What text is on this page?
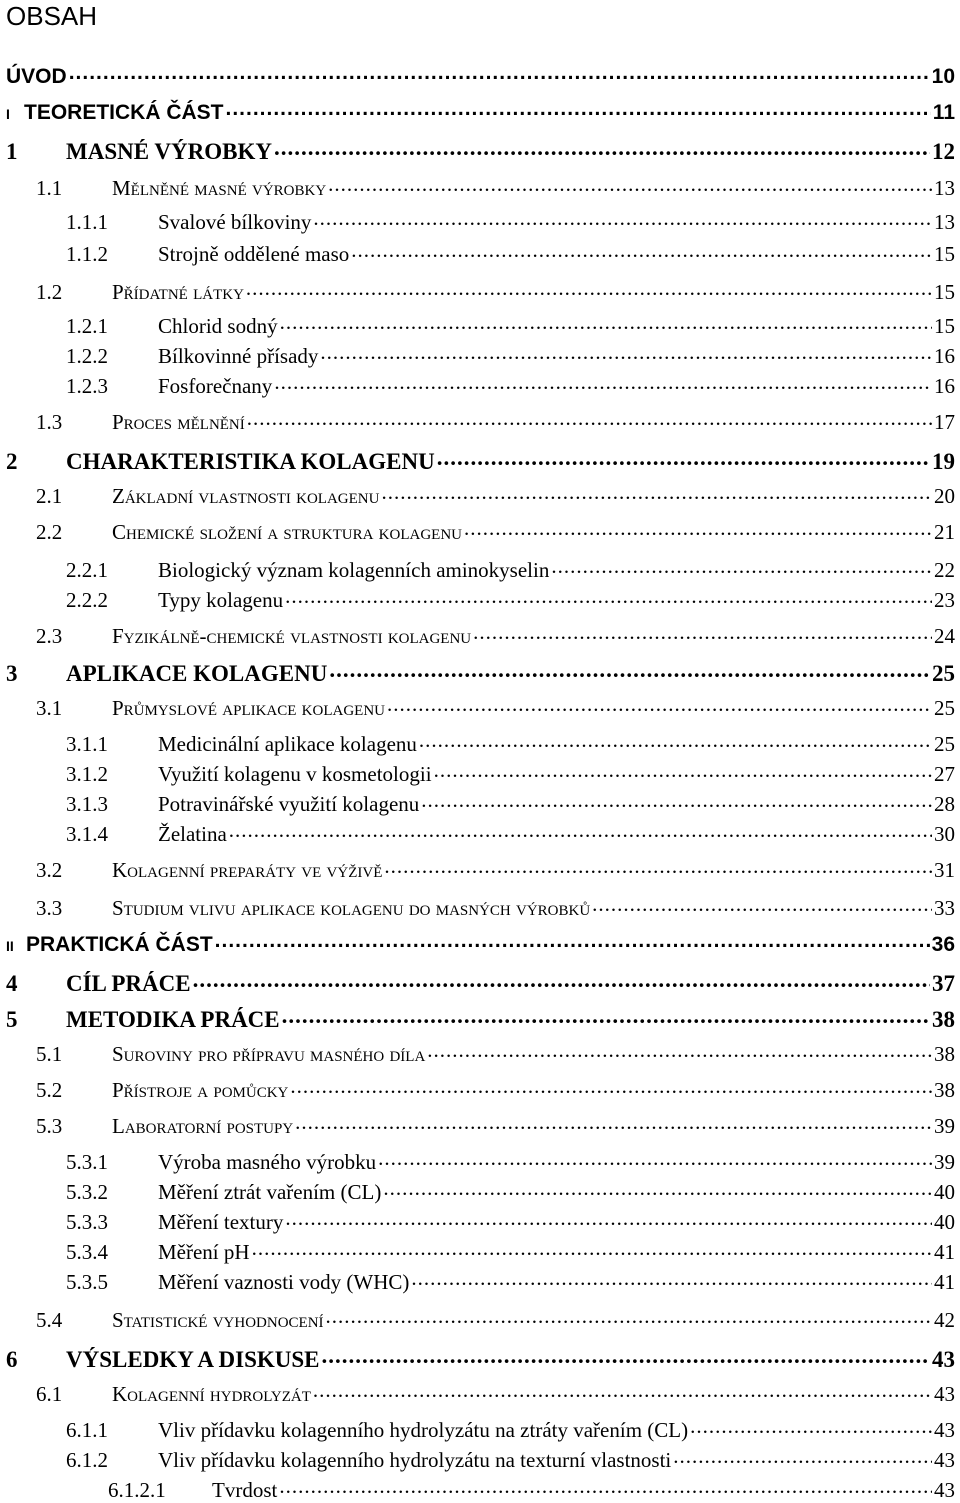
OBSAH
ÚVOD .....	10
I TEORETICKÁ ČÁST .....	11
1	MASNÉ VÝROBKY .....	12
1.1	Mělněné masné výrobky .....	13
1.1.1	Svalové bílkoviny .....	13
1.1.2	Strojně oddělené maso .....	15
1.2	Přídatné látky .....	15
1.2.1	Chlorid sodný .....	15
1.2.2	Bílkovinné přísady .....	16
1.2.3	Fosforečnany .....	16
1.3	Proces mělnění .....	17
2	CHARAKTERISTIKA KOLAGENU .....	19
2.1	Základní vlastnosti kolagenu .....	20
2.2	Chemické složení a struktura kolagenu .....	21
2.2.1	Biologický význam kolagenních aminokyselin .....	22
2.2.2	Typy kolagenu .....	23
2.3	Fyzikálně-chemické vlastnosti kolagenu .....	24
3	APLIKACE KOLAGENU .....	25
3.1	Průmyslové aplikace kolagenu .....	25
3.1.1	Medicinální aplikace kolagenu .....	25
3.1.2	Využití kolagenu v kosmetologii .....	27
3.1.3	Potravinářské využití kolagenu .....	28
3.1.4	Želatina .....	30
3.2	Kolagenní preparáty ve výživě .....	31
3.3	Studium vlivu aplikace kolagenu do masných výrobků .....	33
II PRAKTICKÁ ČÁST .....	36
4	CÍL PRÁCE .....	37
5	METODIKA PRÁCE .....	38
5.1	Suroviny pro přípravu masného díla .....	38
5.2	Přístroje a pomůcky .....	38
5.3	Laboratorní postupy .....	39
5.3.1	Výroba masného výrobku .....	39
5.3.2	Měření ztrát vařením (CL) .....	40
5.3.3	Měření textury .....	40
5.3.4	Měření pH .....	41
5.3.5	Měření vaznosti vody (WHC) .....	41
5.4	Statistické vyhodnocení .....	42
6	VÝSLEDKY A DISKUSE .....	43
6.1	Kolagenní hydrolyzát .....	43
6.1.1	Vliv přídavku kolagenního hydrolyzátu na ztráty vařením (CL) .....	43
6.1.2	Vliv přídavku kolagenního hydrolyzátu na texturní vlastnosti .....	43
6.1.2.1	Tvrdost .....	43
